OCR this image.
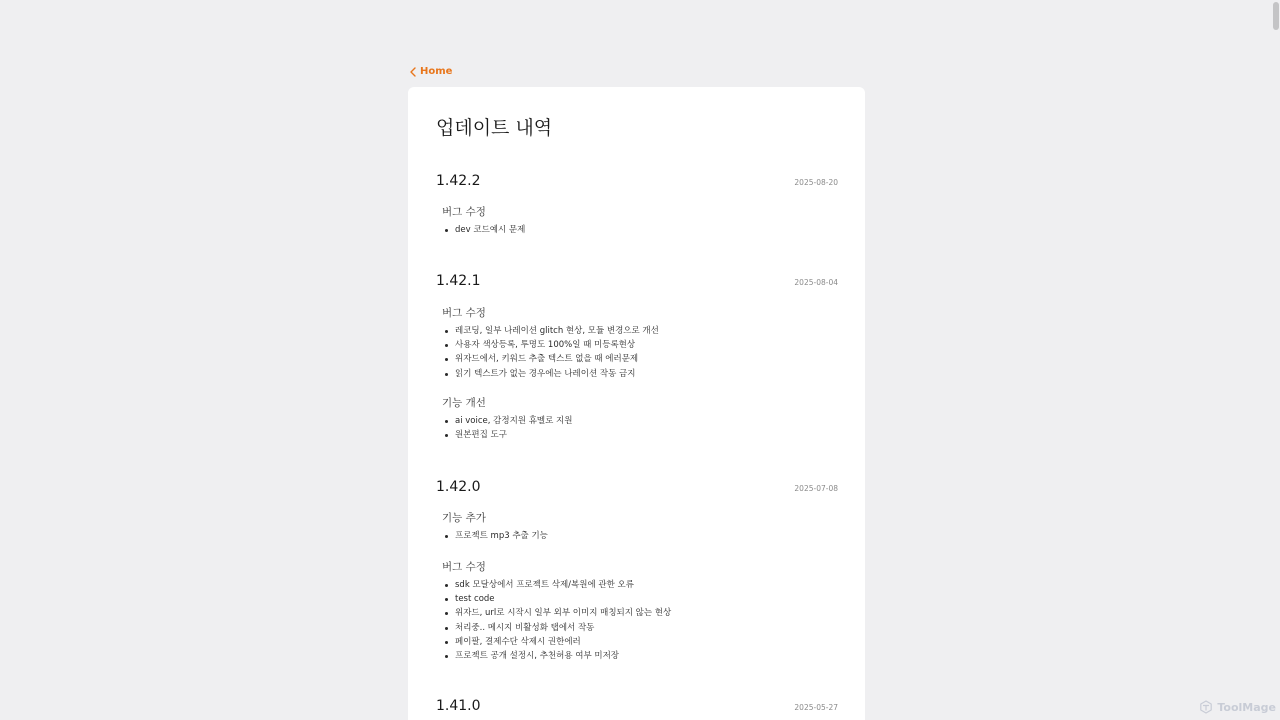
Home
업데이트 내역
1.42.2	2025-08-20
버그 수정
dev 코드예시 문제
1.42.1	2025-08-04
버그 수정
레코딩, 일부 나레이션 glitch 현상, 모듈 변경으로 개선
사용자 색상등록, 투명도 100%일 때 미등록현상
위자드에서, 키워드 추출 텍스트 없을 때 에러문제
읽기 텍스트가 없는 경우에는 나레이션 작동 금지
기능 개선
ai voice, 감정지원 휴멜로 지원
원본편집 도구
1.42.0	2025-07-08
기능 추가
프로젝트 mp3 추출 기능
버그 수정
sdk 모달상에서 프로젝트 삭제/복원에 관한 오류
test code
위자드, url로 시작시 일부 외부 이미지 매칭되지 않는 현상
처리중.. 메시지 비활성화 탭에서 작동
페이팔, 결제수단 삭제시 권한에러
프로젝트 공개 설정시, 추천허용 여부 미저장
1.41.0	2025-05-27	ToolMage
